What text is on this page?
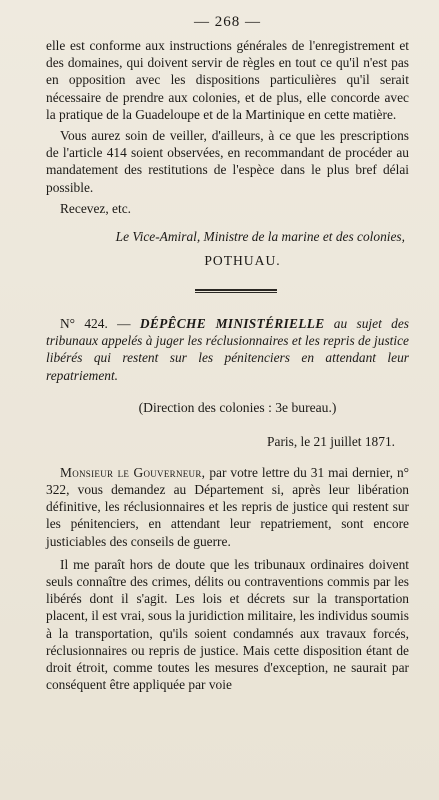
— 268 —

elle est conforme aux instructions générales de l'enregistrement et des domaines, qui doivent servir de règles en tout ce qu'il n'est pas en opposition avec les dispositions particulières qu'il serait nécessaire de prendre aux colonies, et de plus, elle concorde avec la pratique de la Guadeloupe et de la Martinique en cette matière.

Vous aurez soin de veiller, d'ailleurs, à ce que les prescriptions de l'article 414 soient observées, en recommandant de procéder au mandatement des restitutions de l'espèce dans le plus bref délai possible.

Recevez, etc.

Le Vice-Amiral, Ministre de la marine et des colonies,
POTHUAU.

N° 424. — DÉPÊCHE MINISTÉRIELLE au sujet des tribunaux appelés à juger les réclusionnaires et les repris de justice libérés qui restent sur les pénitenciers en attendant leur repatriement.

(Direction des colonies : 3e bureau.)
Paris, le 21 juillet 1871.

Monsieur le Gouverneur, par votre lettre du 31 mai dernier, n° 322, vous demandez au Département si, après leur libération définitive, les réclusionnaires et les repris de justice qui restent sur les pénitenciers, en attendant leur repatriement, sont encore justiciables des conseils de guerre.

Il me paraît hors de doute que les tribunaux ordinaires doivent seuls connaître des crimes, délits ou contraventions commis par les libérés dont il s'agit. Les lois et décrets sur la transportation placent, il est vrai, sous la juridiction militaire, les individus soumis à la transportation, qu'ils soient condamnés aux travaux forcés, réclusionnaires ou repris de justice. Mais cette disposition étant de droit étroit, comme toutes les mesures d'exception, ne saurait par conséquent être appliquée par voie
